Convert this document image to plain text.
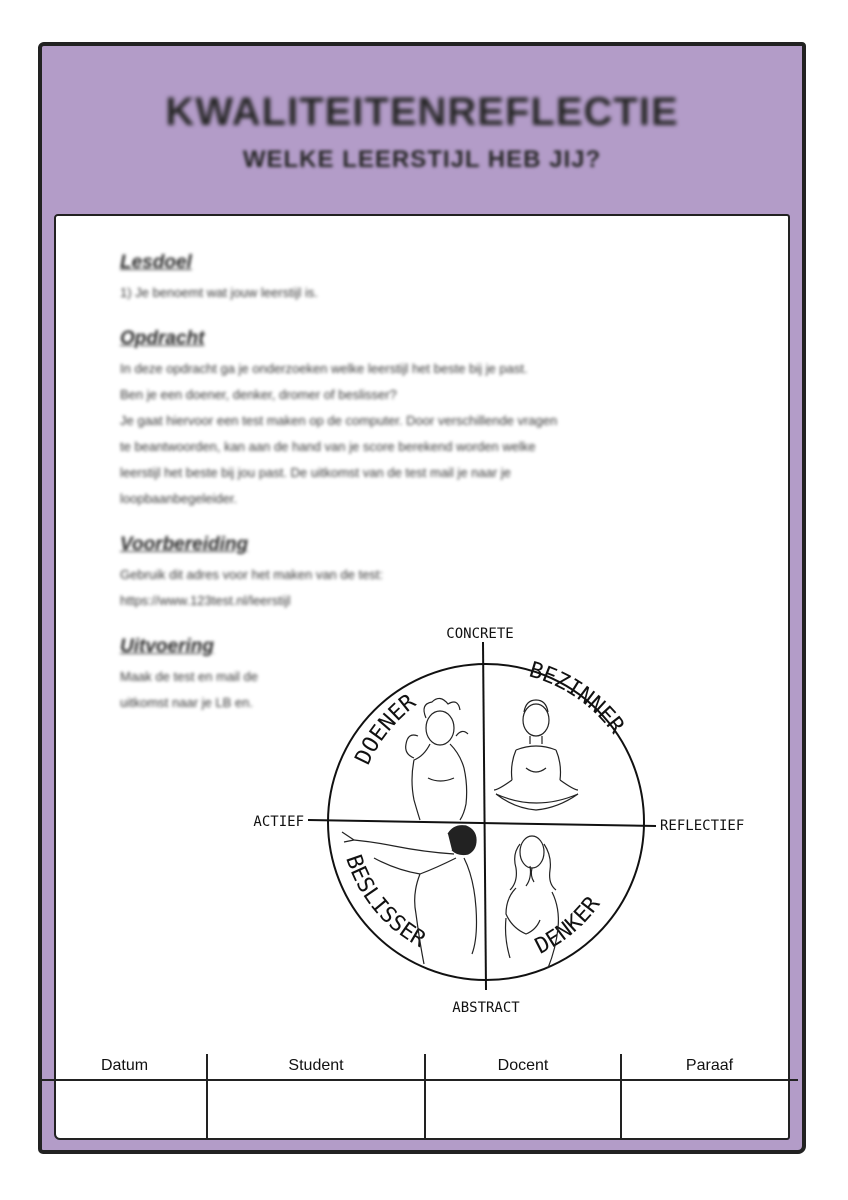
KWALITEITENREFLECTIE
WELKE LEERSTIJL HEB JIJ?
Lesdoel
1) Je benoemt wat jouw leerstijl is.
Opdracht
In deze opdracht ga je onderzoeken welke leerstijl het beste bij je past.
Ben je een doener, denker, dromer of beslisser?
Je gaat hiervoor een test maken op de computer. Door verschillende vragen
te beantwoorden, kan aan de hand van je score berekend worden welke
leerstijl het beste bij jou past. De uitkomst van de test mail je naar je
loopbaanbegeleider.
Voorbereiding
Gebruik dit adres voor het maken van de test:
https://www.123test.nl/leerstijl
Uitvoering
Maak de test en mail de
uitkomst naar je LB en.
CONCRETE
ABSTRACT
ACTIEF	REFLECTIEF
DOENER
BEZINNER
BESLISSER	DENKER
Datum	Student	Docent	Paraaf
